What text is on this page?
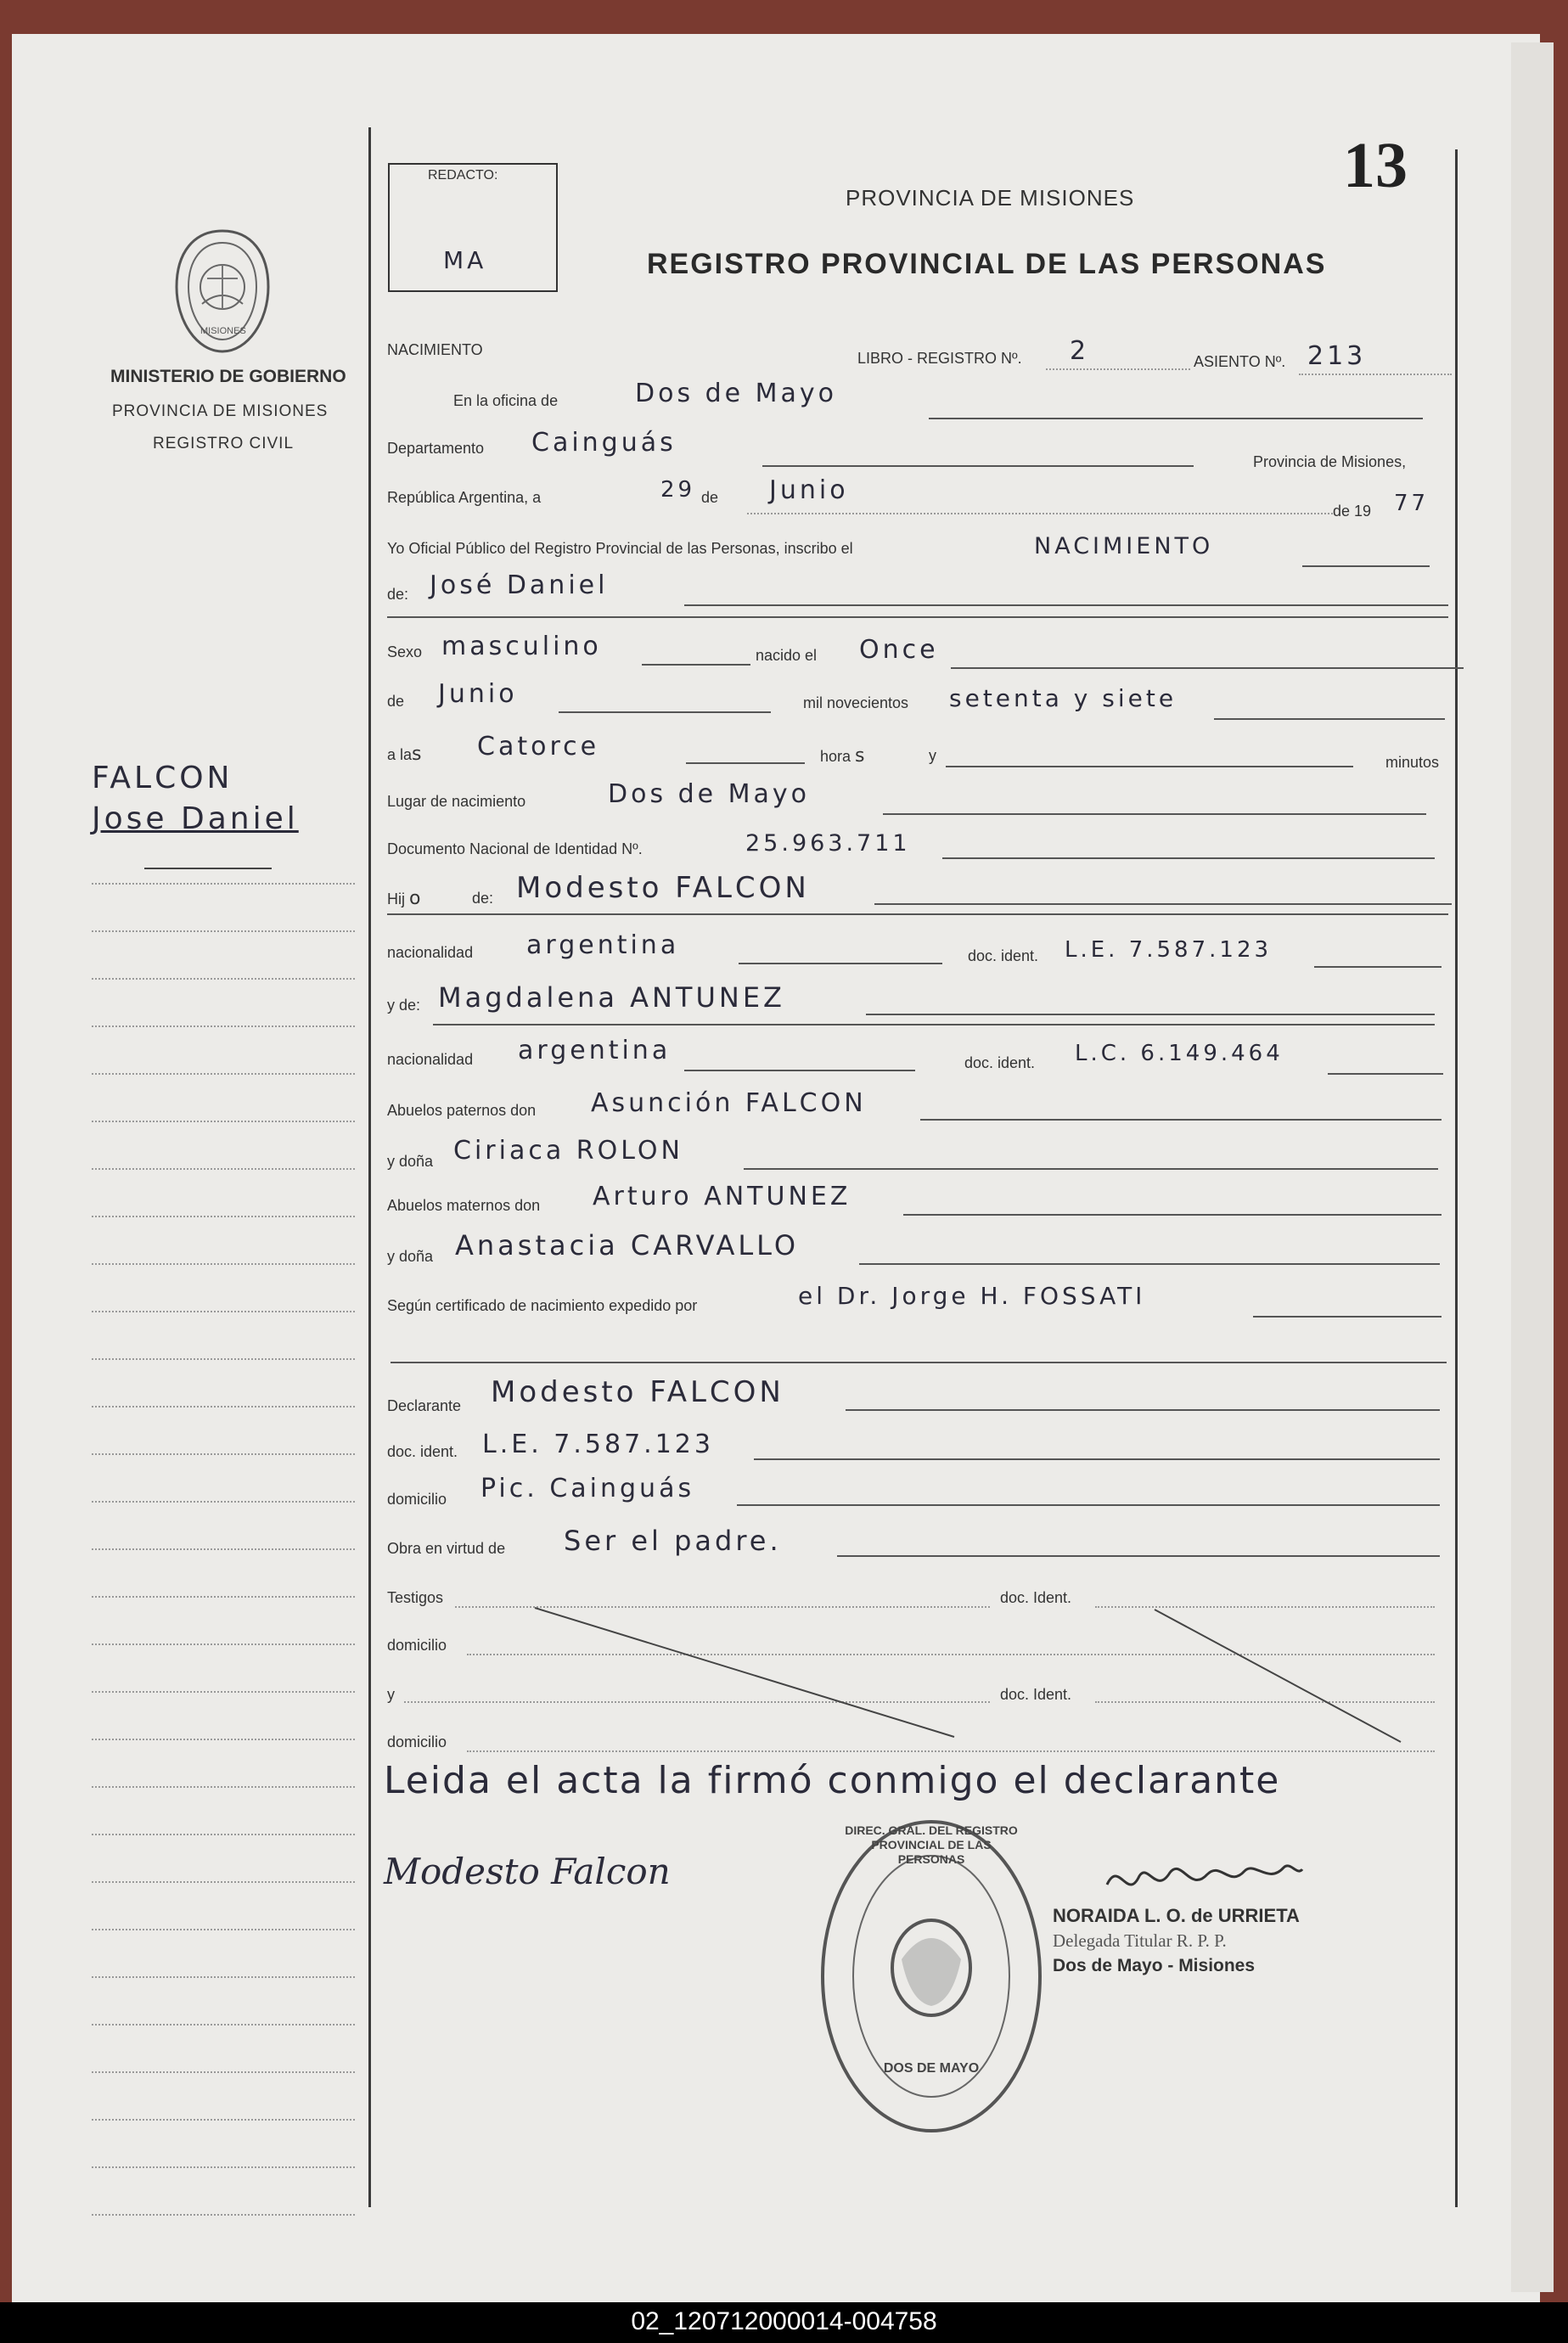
MISIONES
MINISTERIO DE GOBIERNO
PROVINCIA DE MISIONES
REGISTRO CIVIL
FALCON
Jose Daniel
REDACTO:
MA
13
PROVINCIA DE MISIONES
REGISTRO PROVINCIAL DE LAS PERSONAS
NACIMIENTO	LIBRO - REGISTRO Nº. 2	ASIENTO Nº. 213
En la oficina de	Dos de Mayo
Departamento Cainguás
Provincia de Misiones,
República Argentina, a	29 de Junio
de 19 77
Yo Oficial Público del Registro Provincial de las Personas, inscribo el	NACIMIENTO
de: José Daniel
Sexo masculino	nacido el Once
de Junio	mil novecientos setenta y siete
a las Catorce	hora s	y	minutos
Lugar de nacimiento	Dos de Mayo
Documento Nacional de Identidad Nº.	25.963.711
Hij o	de: Modesto FALCON
nacionalidad argentina	doc. ident. L.E. 7.587.123
y de: Magdalena ANTUNEZ
nacionalidad argentina	doc. ident. L.C. 6.149.464
Abuelos paternos don Asunción FALCON
y doña Ciriaca ROLON
Abuelos maternos don Arturo ANTUNEZ
y doña Anastacia CARVALLO
Según certificado de nacimiento expedido por	el Dr. Jorge H. FOSSATI
Declarante Modesto FALCON
doc. ident. L.E. 7.587.123
domicilio Pic. Cainguás
Obra en virtud de Ser el padre.
Testigos	doc. Ident.
domicilio
y	doc. Ident.
domicilio
Leida el acta la firmó conmigo el declarante
Modesto Falcon
DIREC. GRAL. DEL REGISTRO PROVINCIAL DE LAS PERSONAS
DOS DE MAYO
NORAIDA L. O. de URRIETA
Delegada Titular R. P. P.
Dos de Mayo - Misiones
02_120712000014-004758
